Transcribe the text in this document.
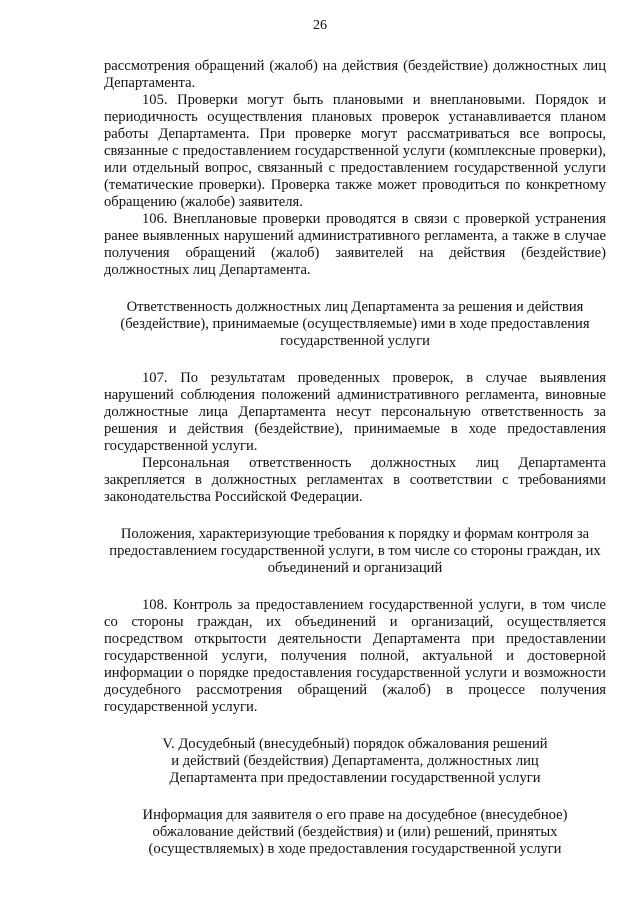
26

рассмотрения обращений (жалоб) на действия (бездействие) должностных лиц Департамента.

105. Проверки могут быть плановыми и внеплановыми. Порядок и периодичность осуществления плановых проверок устанавливается планом работы Департамента. При проверке могут рассматриваться все вопросы, связанные с предоставлением государственной услуги (комплексные проверки), или отдельный вопрос, связанный с предоставлением государственной услуги (тематические проверки). Проверка также может проводиться по конкретному обращению (жалобе) заявителя.

106. Внеплановые проверки проводятся в связи с проверкой устранения ранее выявленных нарушений административного регламента, а также в случае получения обращений (жалоб) заявителей на действия (бездействие) должностных лиц Департамента.

Ответственность должностных лиц Департамента за решения и действия (бездействие), принимаемые (осуществляемые) ими в ходе предоставления государственной услуги

107. По результатам проведенных проверок, в случае выявления нарушений соблюдения положений административного регламента, виновные должностные лица Департамента несут персональную ответственность за решения и действия (бездействие), принимаемые в ходе предоставления государственной услуги.

Персональная ответственность должностных лиц Департамента закрепляется в должностных регламентах в соответствии с требованиями законодательства Российской Федерации.

Положения, характеризующие требования к порядку и формам контроля за предоставлением государственной услуги, в том числе со стороны граждан, их объединений и организаций

108. Контроль за предоставлением государственной услуги, в том числе со стороны граждан, их объединений и организаций, осуществляется посредством открытости деятельности Департамента при предоставлении государственной услуги, получения полной, актуальной и достоверной информации о порядке предоставления государственной услуги и возможности досудебного рассмотрения обращений (жалоб) в процессе получения государственной услуги.

V. Досудебный (внесудебный) порядок обжалования решений
и действий (бездействия) Департамента, должностных лиц
Департамента при предоставлении государственной услуги
Информация для заявителя о его праве на досудебное (внесудебное)
обжалование действий (бездействия) и (или) решений, принятых
(осуществляемых) в ходе предоставления государственной услуги
